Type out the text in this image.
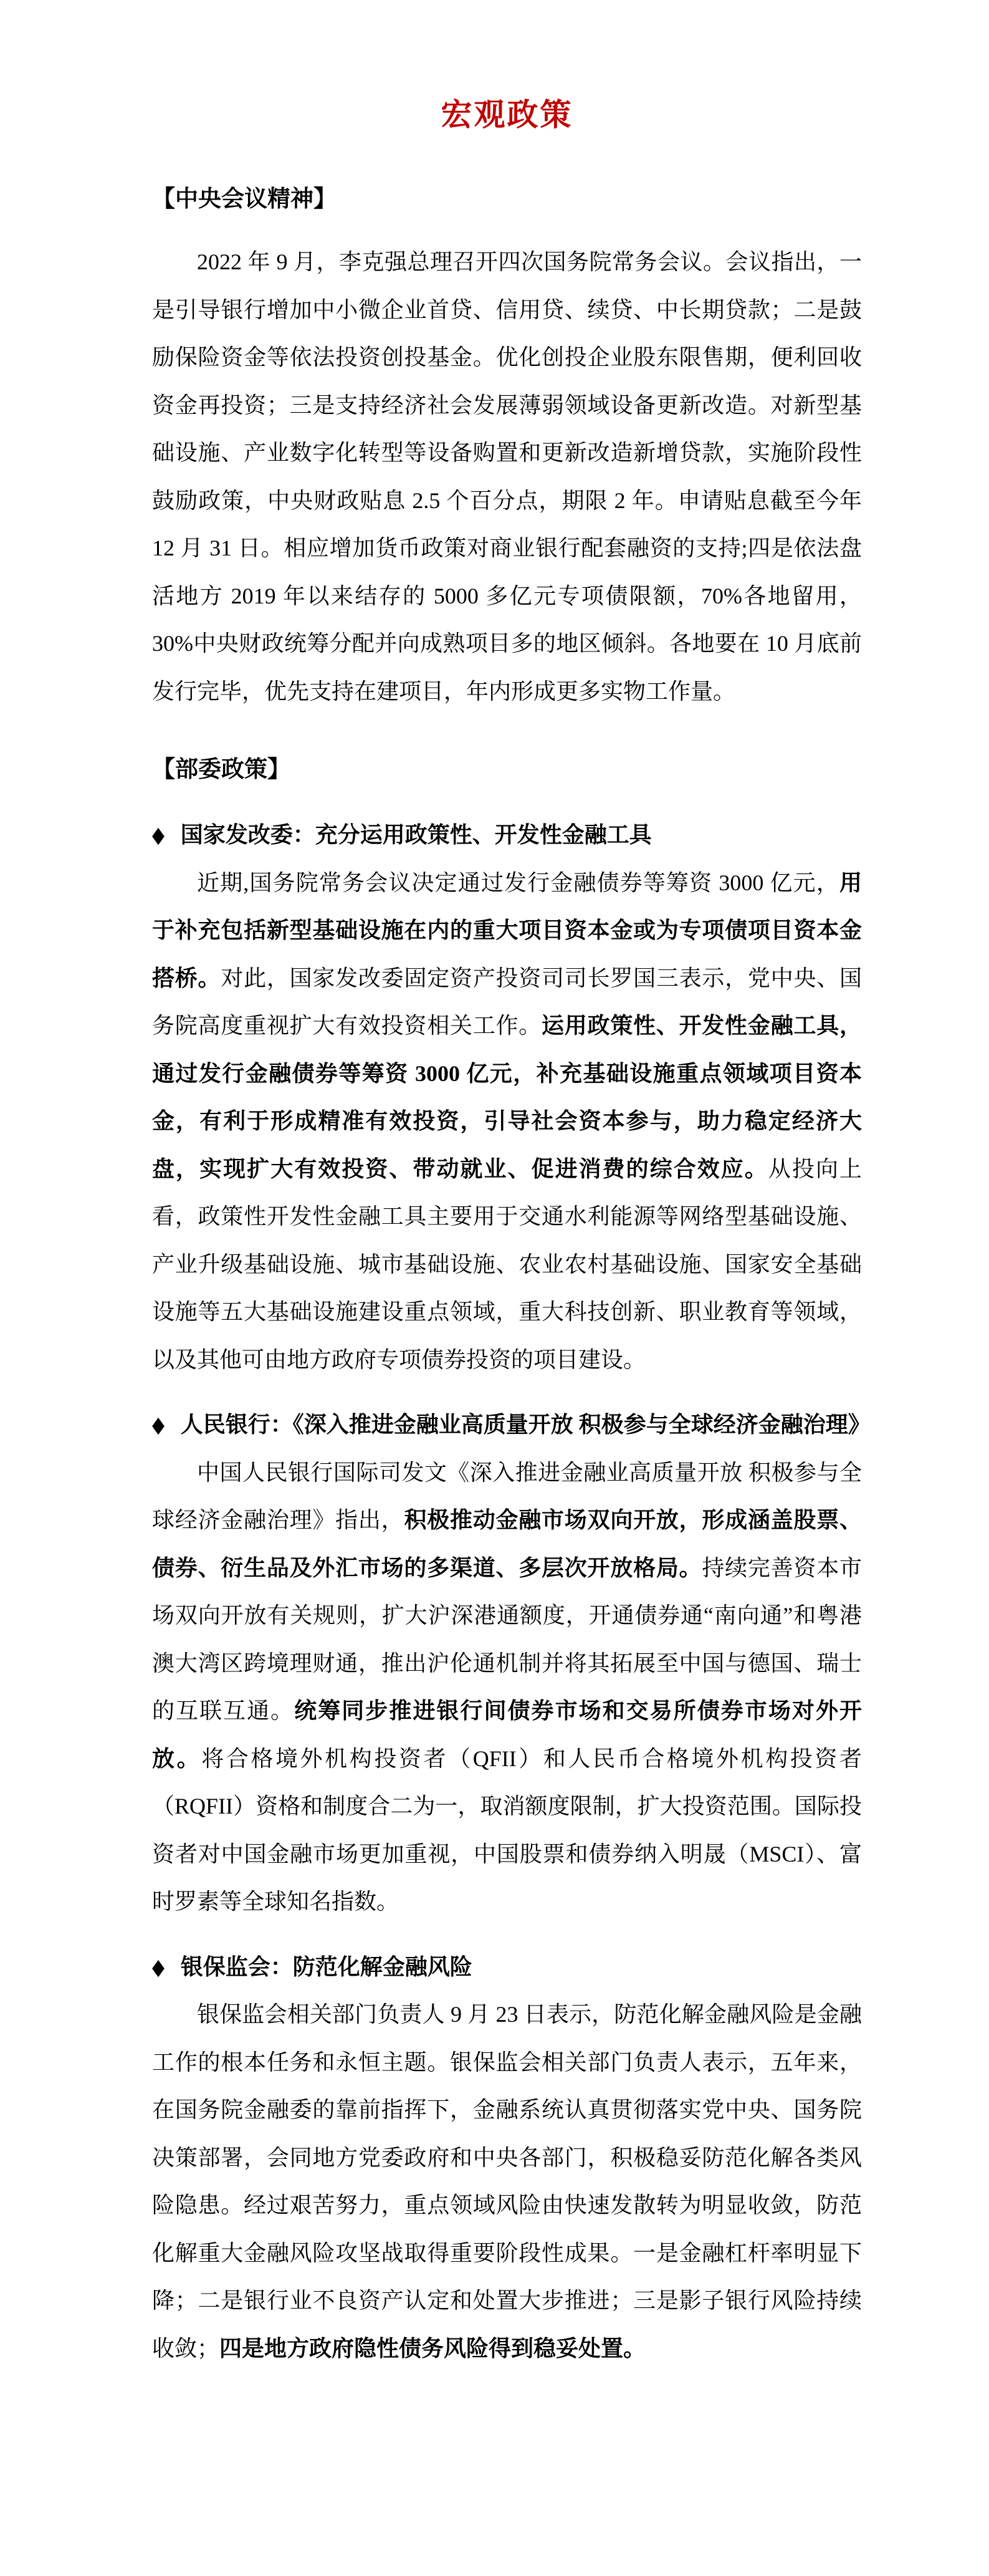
宏观政策
【中央会议精神】

2022 年 9 月，李克强总理召开四次国务院常务会议。会议指出，一是引导银行增加中小微企业首贷、信用贷、续贷、中长期贷款；二是鼓励保险资金等依法投资创投基金。优化创投企业股东限售期，便利回收资金再投资；三是支持经济社会发展薄弱领域设备更新改造。对新型基础设施、产业数字化转型等设备购置和更新改造新增贷款，实施阶段性鼓励政策，中央财政贴息 2.5 个百分点，期限 2 年。申请贴息截至今年 12 月 31 日。相应增加货币政策对商业银行配套融资的支持;四是依法盘活地方 2019 年以来结存的 5000 多亿元专项债限额，70%各地留用，30%中央财政统筹分配并向成熟项目多的地区倾斜。各地要在 10 月底前发行完毕，优先支持在建项目，年内形成更多实物工作量。

【部委政策】
◆ 国家发改委：充分运用政策性、开发性金融工具

近期,国务院常务会议决定通过发行金融债券等筹资 3000 亿元，用于补充包括新型基础设施在内的重大项目资本金或为专项债项目资本金搭桥。对此，国家发改委固定资产投资司司长罗国三表示，党中央、国务院高度重视扩大有效投资相关工作。运用政策性、开发性金融工具，通过发行金融债券等筹资 3000 亿元，补充基础设施重点领域项目资本金，有利于形成精准有效投资，引导社会资本参与，助力稳定经济大盘，实现扩大有效投资、带动就业、促进消费的综合效应。从投向上看，政策性开发性金融工具主要用于交通水利能源等网络型基础设施、产业升级基础设施、城市基础设施、农业农村基础设施、国家安全基础设施等五大基础设施建设重点领域，重大科技创新、职业教育等领域，以及其他可由地方政府专项债券投资的项目建设。

◆ 人民银行：《深入推进金融业高质量开放 积极参与全球经济金融治理》

中国人民银行国际司发文《深入推进金融业高质量开放 积极参与全球经济金融治理》指出，积极推动金融市场双向开放，形成涵盖股票、债券、衍生品及外汇市场的多渠道、多层次开放格局。持续完善资本市场双向开放有关规则，扩大沪深港通额度，开通债券通“南向通”和粤港澳大湾区跨境理财通，推出沪伦通机制并将其拓展至中国与德国、瑞士的互联互通。统筹同步推进银行间债券市场和交易所债券市场对外开放。将合格境外机构投资者（QFII）和人民币合格境外机构投资者（RQFII）资格和制度合二为一，取消额度限制，扩大投资范围。国际投资者对中国金融市场更加重视，中国股票和债券纳入明晟（MSCI）、富时罗素等全球知名指数。

◆ 银保监会：防范化解金融风险

银保监会相关部门负责人 9 月 23 日表示，防范化解金融风险是金融工作的根本任务和永恒主题。银保监会相关部门负责人表示，五年来，在国务院金融委的靠前指挥下，金融系统认真贯彻落实党中央、国务院决策部署，会同地方党委政府和中央各部门，积极稳妥防范化解各类风险隐患。经过艰苦努力，重点领域风险由快速发散转为明显收敛，防范化解重大金融风险攻坚战取得重要阶段性成果。一是金融杠杆率明显下降；二是银行业不良资产认定和处置大步推进；三是影子银行风险持续收敛；四是地方政府隐性债务风险得到稳妥处置。
